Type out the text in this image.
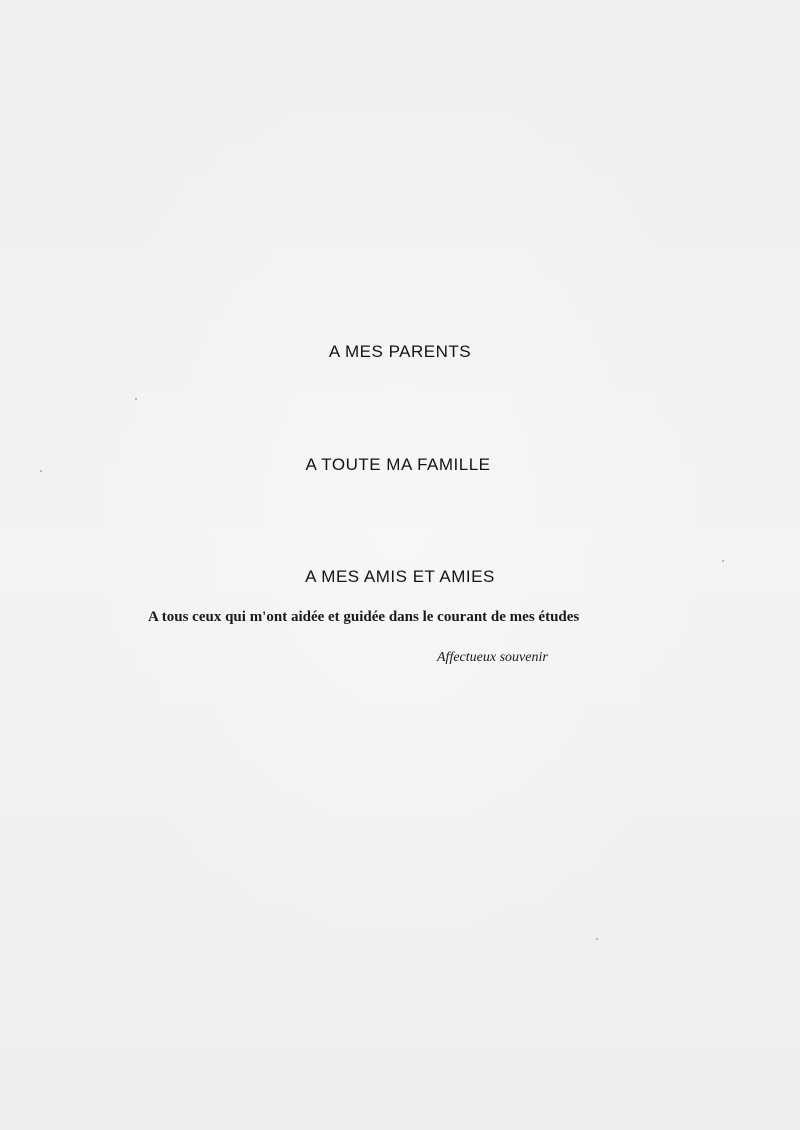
A MES PARENTS
A TOUTE MA FAMILLE
A MES AMIS ET AMIES

A tous ceux qui m'ont aidée et guidée dans le courant de mes études

Affectueux souvenir
